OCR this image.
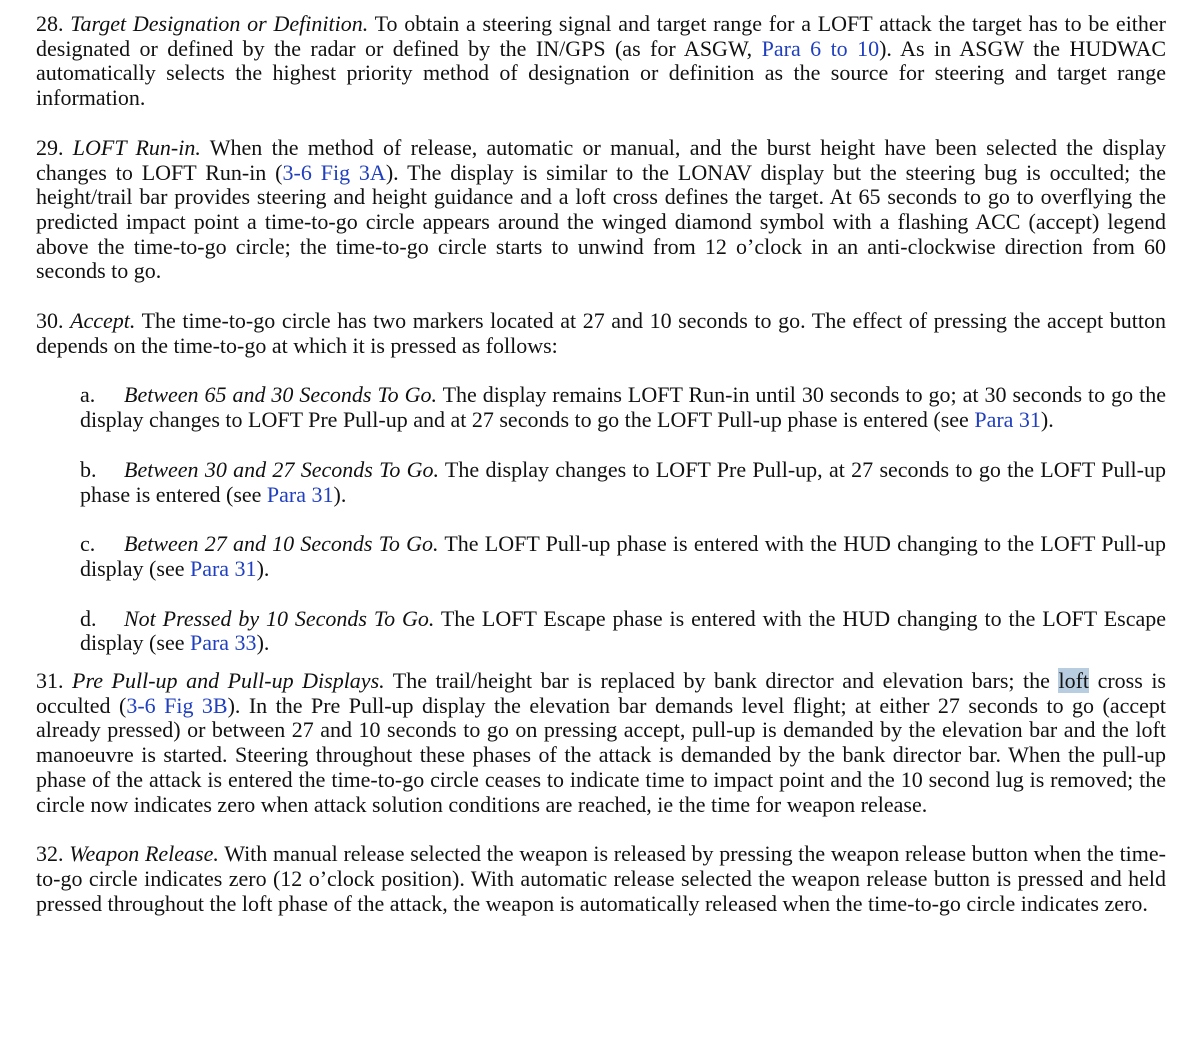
28. Target Designation or Definition. To obtain a steering signal and target range for a LOFT attack the target has to be either designated or defined by the radar or defined by the IN/GPS (as for ASGW, Para 6 to 10). As in ASGW the HUDWAC automatically selects the highest priority method of designation or definition as the source for steering and target range information.

29. LOFT Run-in. When the method of release, automatic or manual, and the burst height have been selected the display changes to LOFT Run-in (3-6 Fig 3A). The display is similar to the LONAV display but the steering bug is occulted; the height/trail bar provides steering and height guidance and a loft cross defines the target. At 65 seconds to go to overflying the predicted impact point a time-to-go circle appears around the winged diamond symbol with a flashing ACC (accept) legend above the time-to-go circle; the time-to-go circle starts to unwind from 12 o’clock in an anti-clockwise direction from 60 seconds to go.

30. Accept. The time-to-go circle has two markers located at 27 and 10 seconds to go. The effect of pressing the accept button depends on the time-to-go at which it is pressed as follows:

a. Between 65 and 30 Seconds To Go. The display remains LOFT Run-in until 30 seconds to go; at 30 seconds to go the display changes to LOFT Pre Pull-up and at 27 seconds to go the LOFT Pull-up phase is entered (see Para 31).

b. Between 30 and 27 Seconds To Go. The display changes to LOFT Pre Pull-up, at 27 seconds to go the LOFT Pull-up phase is entered (see Para 31).

c. Between 27 and 10 Seconds To Go. The LOFT Pull-up phase is entered with the HUD changing to the LOFT Pull-up display (see Para 31).

d. Not Pressed by 10 Seconds To Go. The LOFT Escape phase is entered with the HUD changing to the LOFT Escape display (see Para 33).

31. Pre Pull-up and Pull-up Displays. The trail/height bar is replaced by bank director and elevation bars; the loft cross is occulted (3-6 Fig 3B). In the Pre Pull-up display the elevation bar demands level flight; at either 27 seconds to go (accept already pressed) or between 27 and 10 seconds to go on pressing accept, pull-up is demanded by the elevation bar and the loft manoeuvre is started. Steering throughout these phases of the attack is demanded by the bank director bar. When the pull-up phase of the attack is entered the time-to-go circle ceases to indicate time to impact point and the 10 second lug is removed; the circle now indicates zero when attack solution conditions are reached, ie the time for weapon release.

32. Weapon Release. With manual release selected the weapon is released by pressing the weapon release button when the time-to-go circle indicates zero (12 o’clock position). With automatic release selected the weapon release button is pressed and held pressed throughout the loft phase of the attack, the weapon is automatically released when the time-to-go circle indicates zero.
